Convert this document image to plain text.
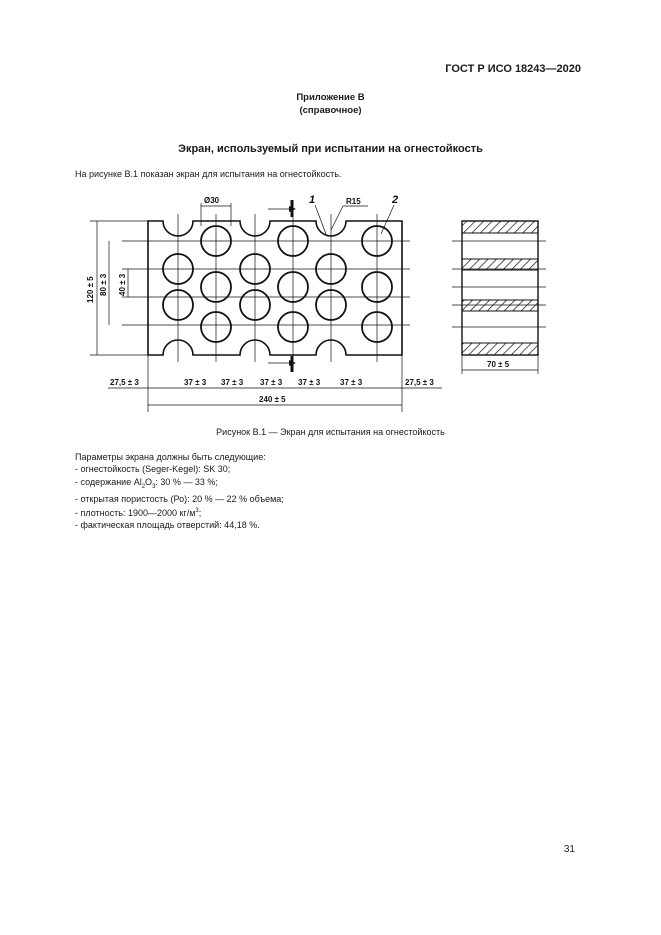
ГОСТ Р ИСО 18243—2020
Приложение В
(справочное)
Экран, используемый при испытании на огнестойкость
На рисунке В.1 показан экран для испытания на огнестойкость.
Ø30	1	R15	2
120 ± 5 80 ± 3 40 ± 3
27,5 ± 3	37 ± 3 37 ± 3 37 ± 3 37 ± 3 37 ± 3	27,5 ± 3
240 ± 5
70 ± 5
Рисунок В.1 — Экран для испытания на огнестойкость
Параметры экрана должны быть следующие:
- огнестойкость (Seger-Kegel): SK 30;
- содержание $Al_2O_3$: 30 % — 33 %;
- открытая пористость (Ро): 20 % — 22 % объема;
- плотность: 1900—2000 $кг/м^3$;
- фактическая площадь отверстий: 44,18 %.
31
